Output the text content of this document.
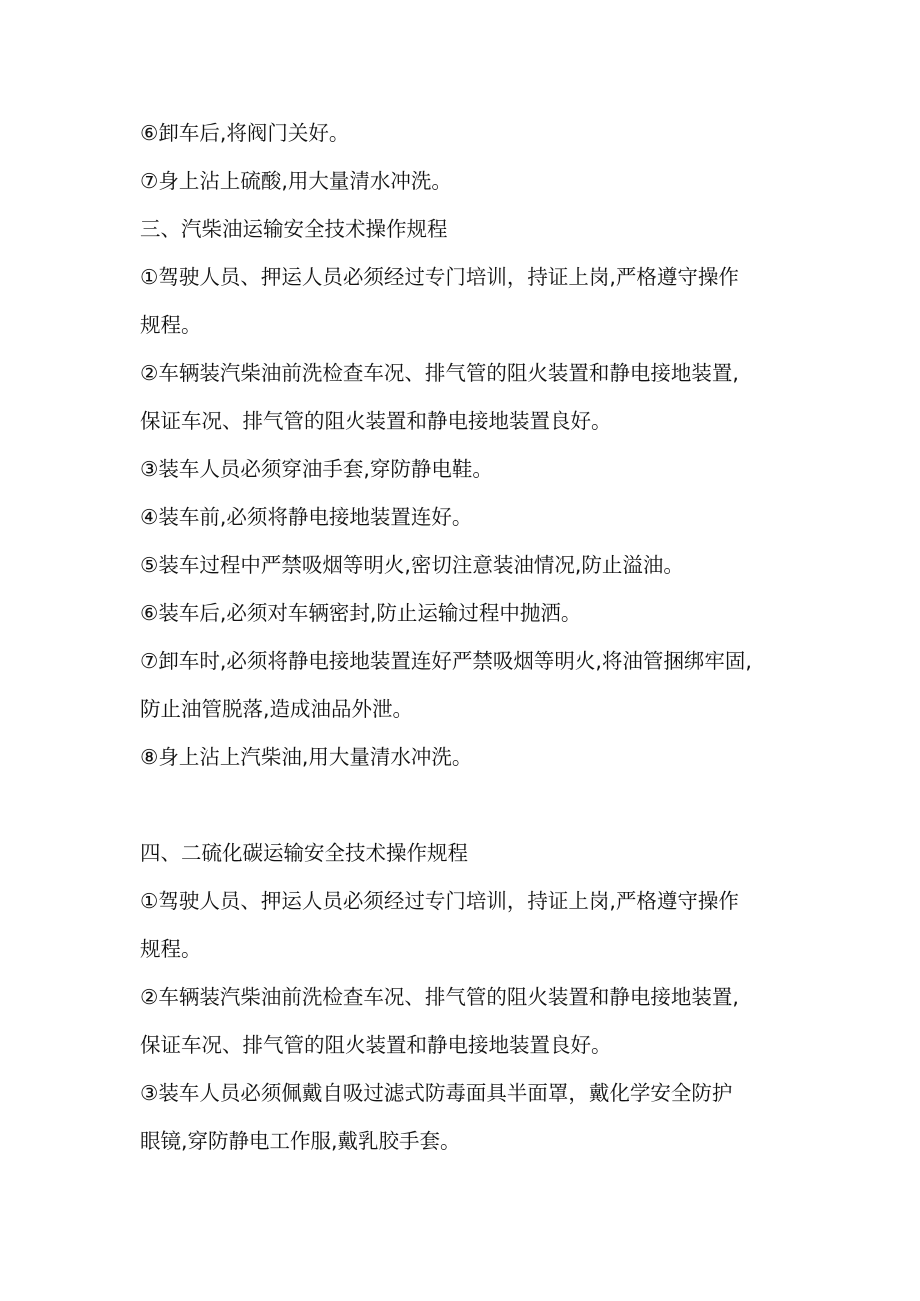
⑥卸车后,将阀门关好。
⑦身上沾上硫酸,用大量清水冲洗。
三、汽柴油运输安全技术操作规程
①驾驶人员、押运人员必须经过专门培训，持证上岗,严格遵守操作
规程。
②车辆装汽柴油前洗检查车况、排气管的阻火装置和静电接地装置,
保证车况、排气管的阻火装置和静电接地装置良好。
③装车人员必须穿油手套,穿防静电鞋。
④装车前,必须将静电接地装置连好。
⑤装车过程中严禁吸烟等明火,密切注意装油情况,防止溢油。
⑥装车后,必须对车辆密封,防止运输过程中抛洒。
⑦卸车时,必须将静电接地装置连好严禁吸烟等明火,将油管捆绑牢固,
防止油管脱落,造成油品外泄。
⑧身上沾上汽柴油,用大量清水冲洗。
四、二硫化碳运输安全技术操作规程
①驾驶人员、押运人员必须经过专门培训，持证上岗,严格遵守操作
规程。
②车辆装汽柴油前洗检查车况、排气管的阻火装置和静电接地装置,
保证车况、排气管的阻火装置和静电接地装置良好。
③装车人员必须佩戴自吸过滤式防毒面具半面罩，戴化学安全防护
眼镜,穿防静电工作服,戴乳胶手套。
